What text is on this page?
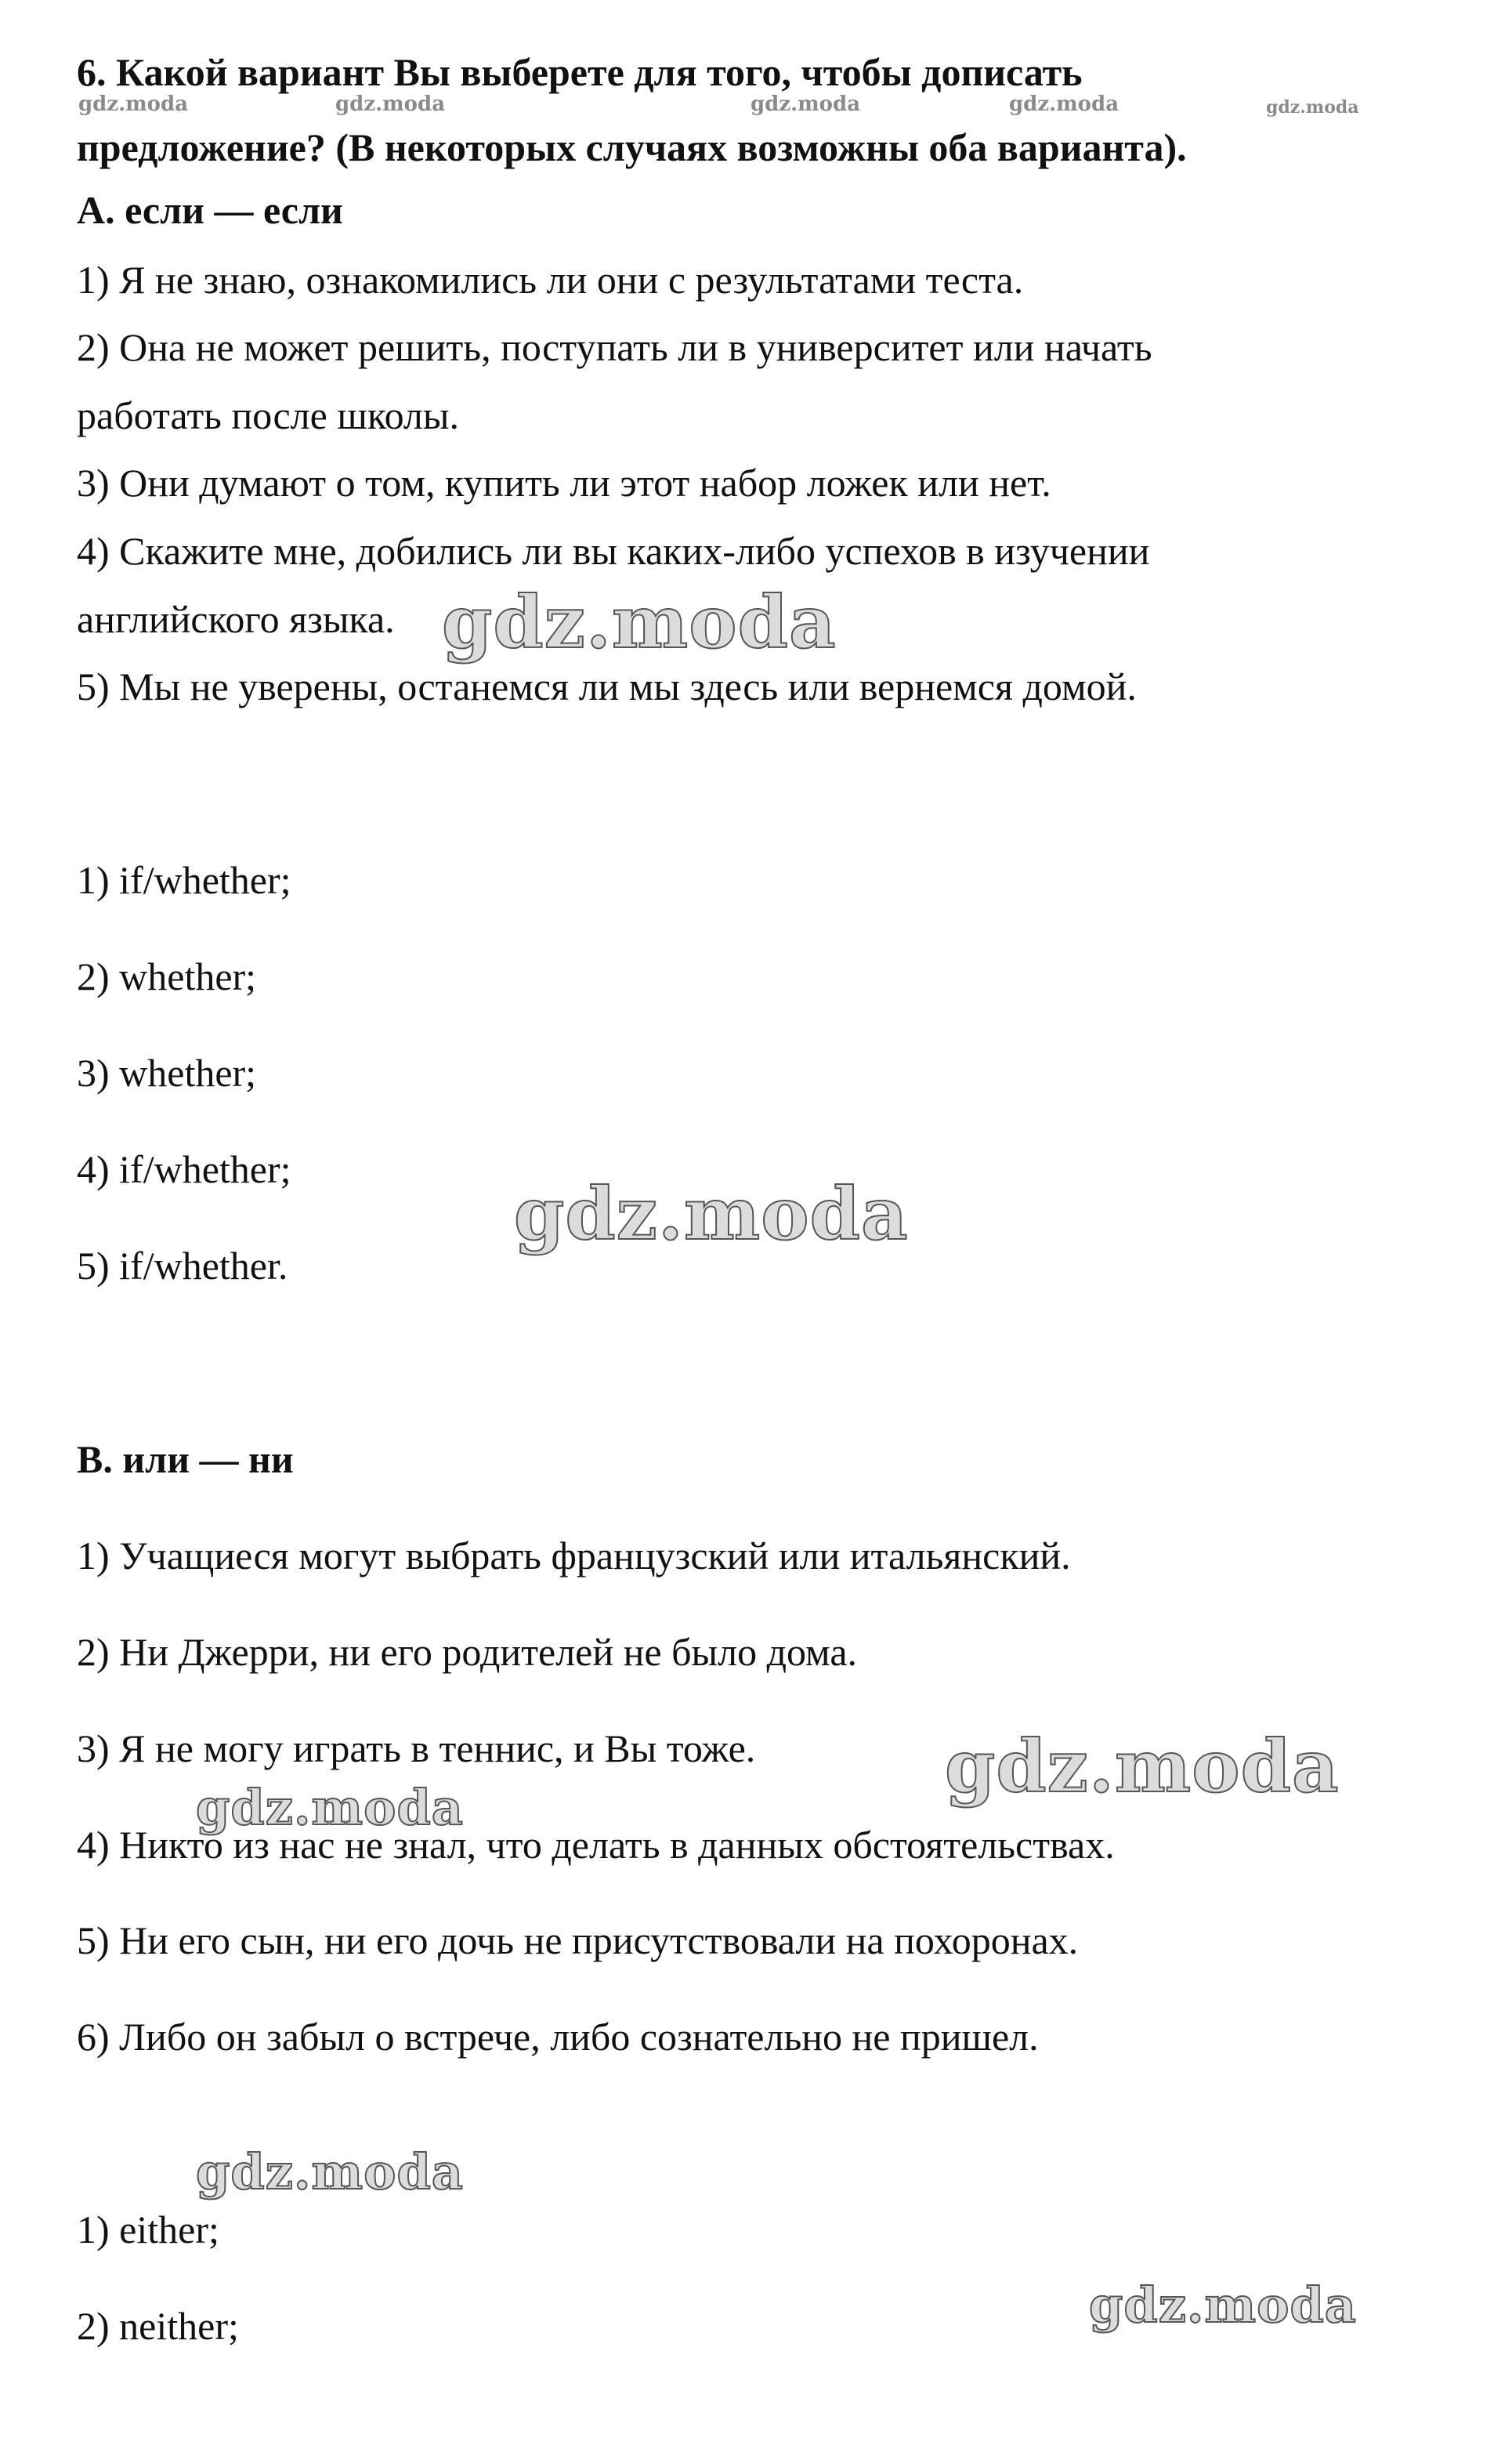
6. Какой вариант Вы выберете для того, чтобы дописать

предложение? (В некоторых случаях возможны оба варианта).

А. если — если

1) Я не знаю, ознакомились ли они с результатами теста.

2) Она не может решить, поступать ли в университет или начать

работать после школы.

3) Они думают о том, купить ли этот набор ложек или нет.

4) Скажите мне, добились ли вы каких-либо успехов в изучении

английского языка.

5) Мы не уверены, останемся ли мы здесь или вернемся домой.

1) if/whether;

2) whether;

3) whether;

4) if/whether;

5) if/whether.

В. или — ни

1) Учащиеся могут выбрать французский или итальянский.

2) Ни Джерри, ни его родителей не было дома.

3) Я не могу играть в теннис, и Вы тоже.

4) Никто из нас не знал, что делать в данных обстоятельствах.

5) Ни его сын, ни его дочь не присутствовали на похоронах.

6) Либо он забыл о встрече, либо сознательно не пришел.

1) either;

2) neither;

gdz.moda	gdz.moda	gdz.moda	gdz.moda	gdz.moda
gdz.moda
gdz.moda
gdz.moda
gdz.moda
gdz.moda
gdz.moda
